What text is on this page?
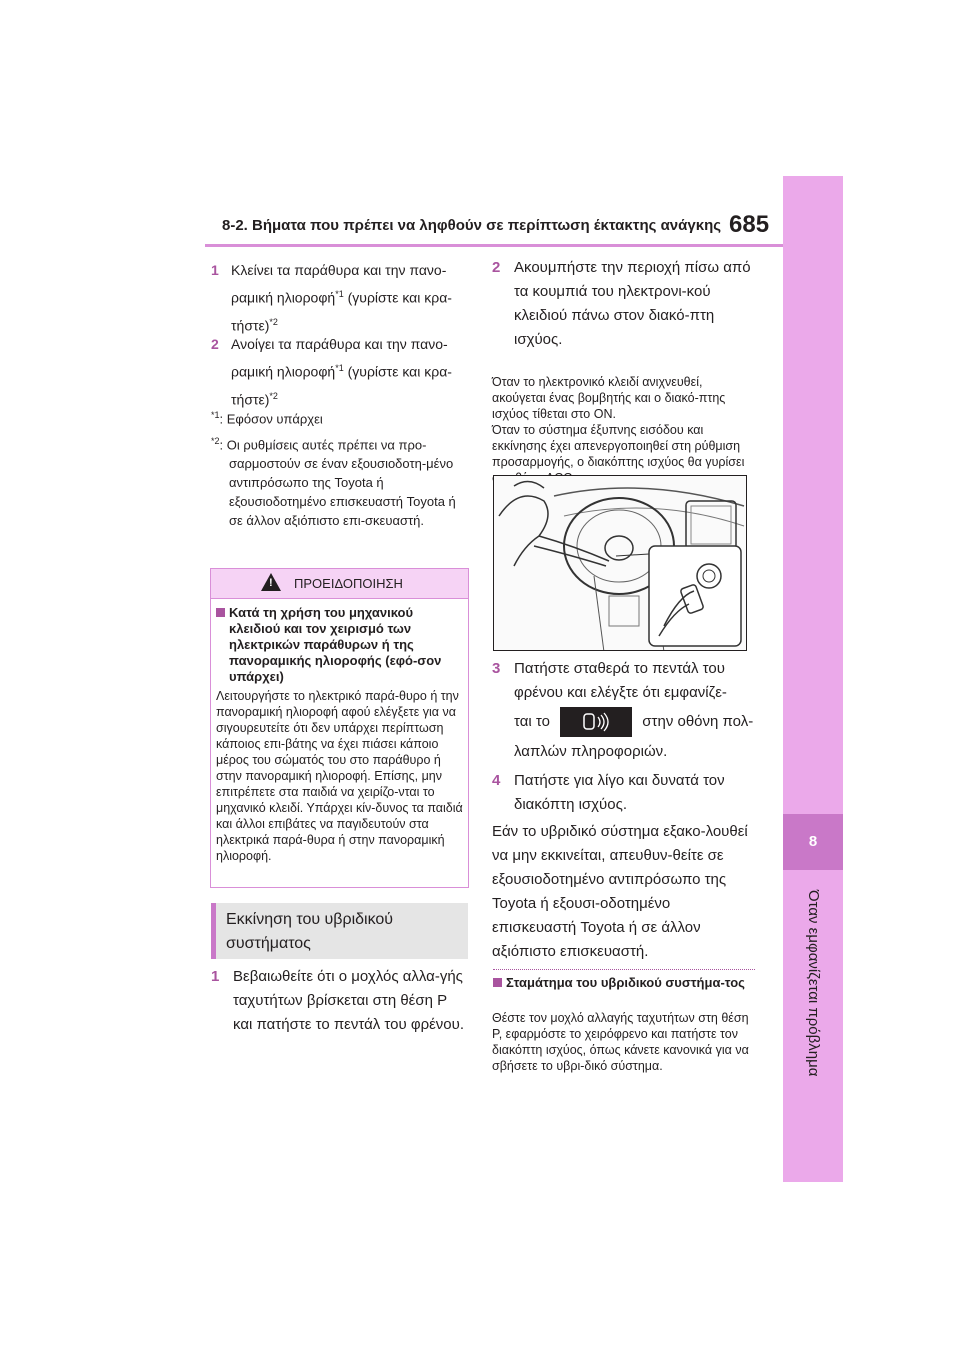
8-2. Βήματα που πρέπει να ληφθούν σε περίπτωση έκτακτης ανάγκης 685
8
Όταν εμφανίζεται πρόβλημα
1 Κλείνει τα παράθυρα και την πανο-
ραμική ηλιοροφή$^{*1}$ (γυρίστε και κρα-
τήστε)$^{*2}$
2 Ανοίγει τα παράθυρα και την πανο-
ραμική ηλιοροφή$^{*1}$ (γυρίστε και κρα-
τήστε)$^{*2}$
$^{*1}$: Εφόσον υπάρχει
$^{*2}$: Οι ρυθμίσεις αυτές πρέπει να προ-
σαρμοστούν σε έναν εξουσιοδοτη-μένο αντιπρόσωπο της Toyota ή εξουσιοδοτημένο επισκευαστή Toyota ή σε άλλον αξιόπιστο επι-σκευαστή.
!
ΠΡΟΕΙΔΟΠΟΙΗΣΗ
Κατά τη χρήση του μηχανικού κλειδιού και τον χειρισμό των ηλεκτρικών παράθυρων ή της πανοραμικής ηλιοροφής (εφό-σον υπάρχει)
Λειτουργήστε το ηλεκτρικό παρά-θυρο ή την πανοραμική ηλιοροφή αφού ελέγξετε για να σιγουρευτείτε ότι δεν υπάρχει περίπτωση κάποιος επι-βάτης να έχει πιάσει κάποιο μέρος του σώματός του στο παράθυρο ή στην πανοραμική ηλιοροφή. Επίσης, μην επιτρέπετε στα παιδιά να χειρίζο-νται το μηχανικό κλειδί. Υπάρχει κίν-δυνος τα παιδιά και άλλοι επιβάτες να παγιδευτούν στα ηλεκτρικά παρά-θυρα ή στην πανοραμική ηλιοροφή.
Εκκίνηση του υβριδικού συστήματος
1 Βεβαιωθείτε ότι ο μοχλός αλλα-γής ταχυτήτων βρίσκεται στη θέση P και πατήστε το πεντάλ του φρένου.
2 Ακουμπήστε την περιοχή πίσω από τα κουμπιά του ηλεκτρονι-κού κλειδιού πάνω στον διακό-πτη ισχύος.
Όταν το ηλεκτρονικό κλειδί ανιχνευθεί, ακούγεται ένας βομβητής και ο διακό-πτης ισχύος τίθεται στο ON.
Όταν το σύστημα έξυπνης εισόδου και εκκίνησης έχει απενεργοποιηθεί στη ρύθμιση προσαρμογής, ο διακόπτης ισχύος θα γυρίσει
3 Πατήστε σταθερά το πεντάλ του
φρένου και ελέγξτε ότι εμφανίζε-
ται το	στην οθόνη πολ-
λαπλών πληροφοριών.
4 Πατήστε για λίγο και δυνατά τον διακόπτη ισχύος.
Εάν το υβριδικό σύστημα εξακο-λουθεί να μην εκκινείται, απευθυν-θείτε σε εξουσιοδοτημένο αντιπρόσωπο της Toyota ή εξουσι-οδοτημένο επισκευαστή Toyota ή σε άλλον αξιόπιστο επισκευαστή.
Σταμάτημα του υβριδικού συστήμα-τος
Θέστε τον μοχλό αλλαγής ταχυτήτων στη θέση P, εφαρμόστε το χειρόφρενο και πατήστε τον διακόπτη ισχύος, όπως κάνετε κανονικά για να σβήσετε το υβρι-δικό σύστημα.
